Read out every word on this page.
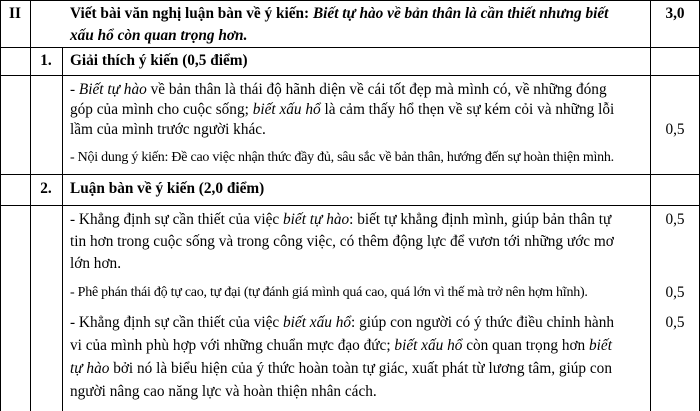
II	Viết bài văn nghị luận bàn về ý kiến: Biết tự hào về bản thân là cần thiết nhưng biết
xấu hổ còn quan trọng hơn.
3,0
1.	Giải thích ý kiến (0,5 điểm)
- Biết tự hào về bản thân là thái độ hãnh diện về cái tốt đẹp mà mình có, về những đóng
góp của mình cho cuộc sống; biết xấu hổ là cảm thấy hổ thẹn về sự kém cỏi và những lỗi
lầm của mình trước người khác.
- Nội dung ý kiến: Đề cao việc nhận thức đầy đủ, sâu sắc về bản thân, hướng đến sự hoàn thiện mình.
0,5
2.	Luận bàn về ý kiến (2,0 điểm)
- Khẳng định sự cần thiết của việc biết tự hào: biết tự khẳng định mình, giúp bản thân tự
tin hơn trong cuộc sống và trong công việc, có thêm động lực để vươn tới những ước mơ
lớn hơn.
0,5
- Phê phán thái độ tự cao, tự đại (tự đánh giá mình quá cao, quá lớn vì thế mà trở nên hợm hĩnh).	0,5
- Khẳng định sự cần thiết của việc biết xấu hổ: giúp con người có ý thức điều chỉnh hành
vi của mình phù hợp với những chuẩn mực đạo đức; biết xấu hổ còn quan trọng hơn biết
tự hào bởi nó là biểu hiện của ý thức hoàn toàn tự giác, xuất phát từ lương tâm, giúp con
người nâng cao năng lực và hoàn thiện nhân cách.
0,5
